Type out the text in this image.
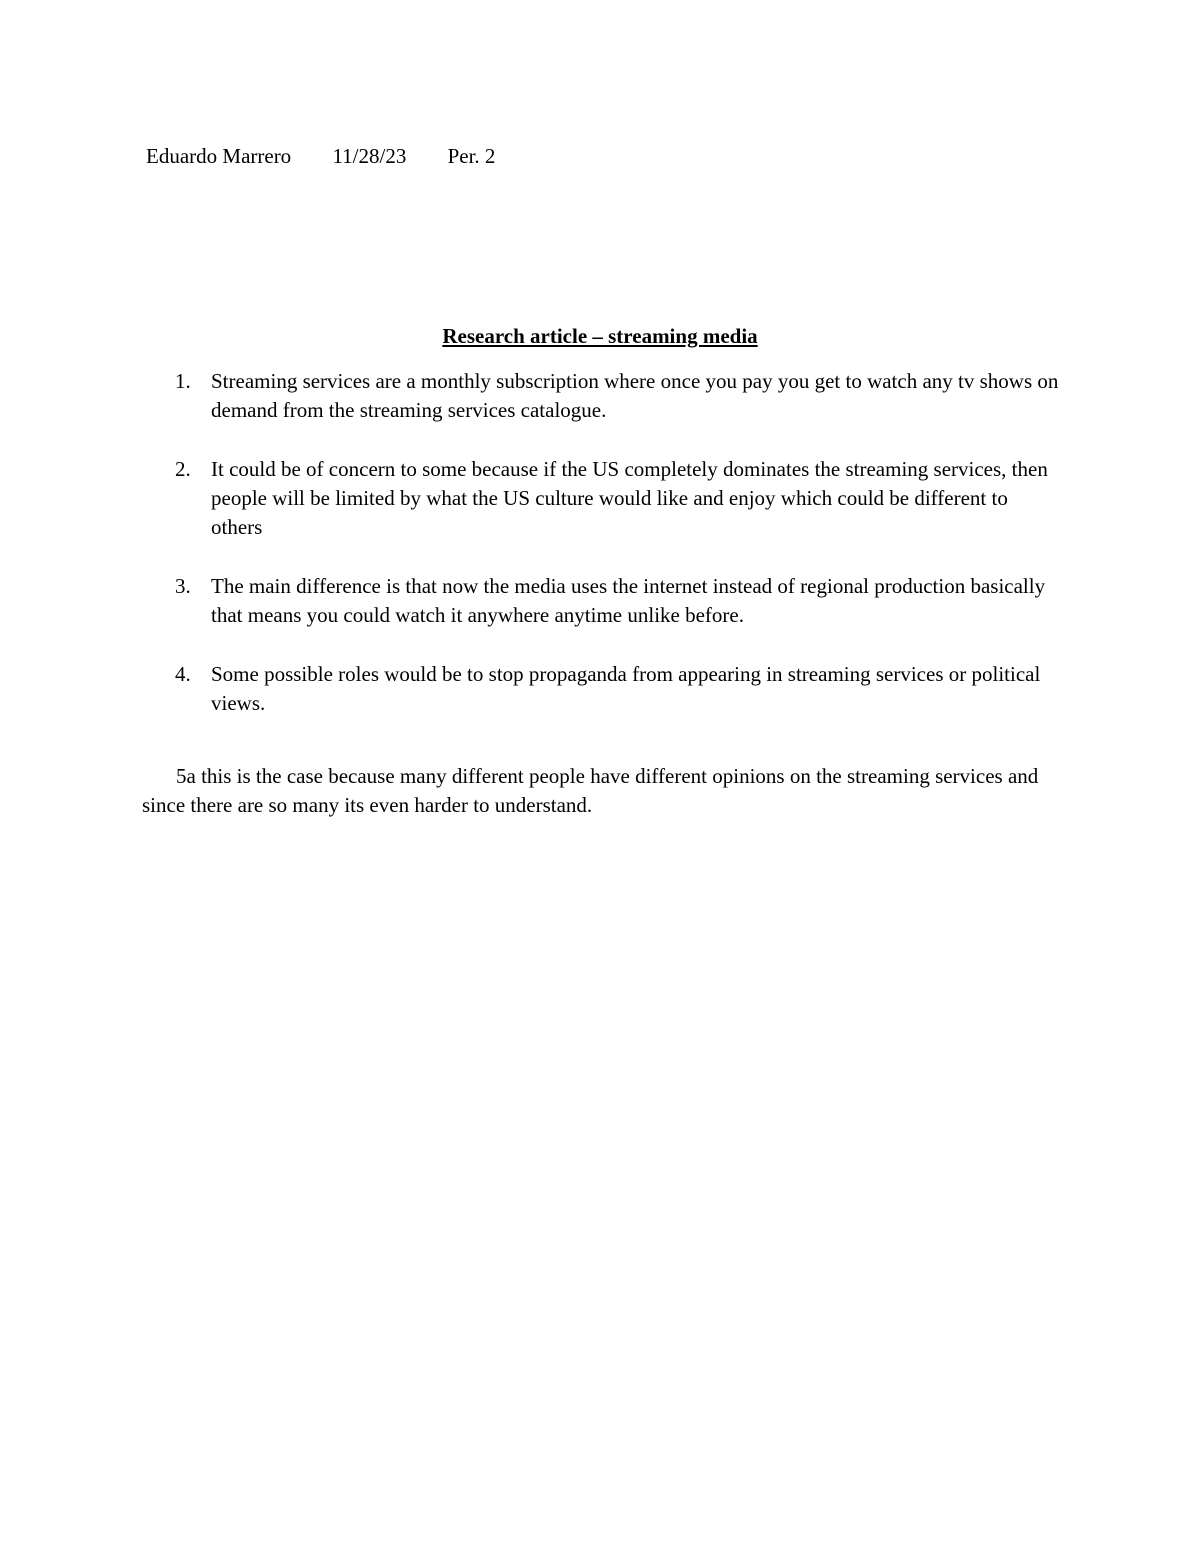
Eduardo Marrero 11/28/23 Per. 2
Research article – streaming media
1. Streaming services are a monthly subscription where once you pay you get to watch any tv shows on demand from the streaming services catalogue.
2. It could be of concern to some because if the US completely dominates the streaming services, then people will be limited by what the US culture would like and enjoy which could be different to others
3. The main difference is that now the media uses the internet instead of regional production basically that means you could watch it anywhere anytime unlike before.
4. Some possible roles would be to stop propaganda from appearing in streaming services or political views.

5a this is the case because many different people have different opinions on the streaming services and since there are so many its even harder to understand.
